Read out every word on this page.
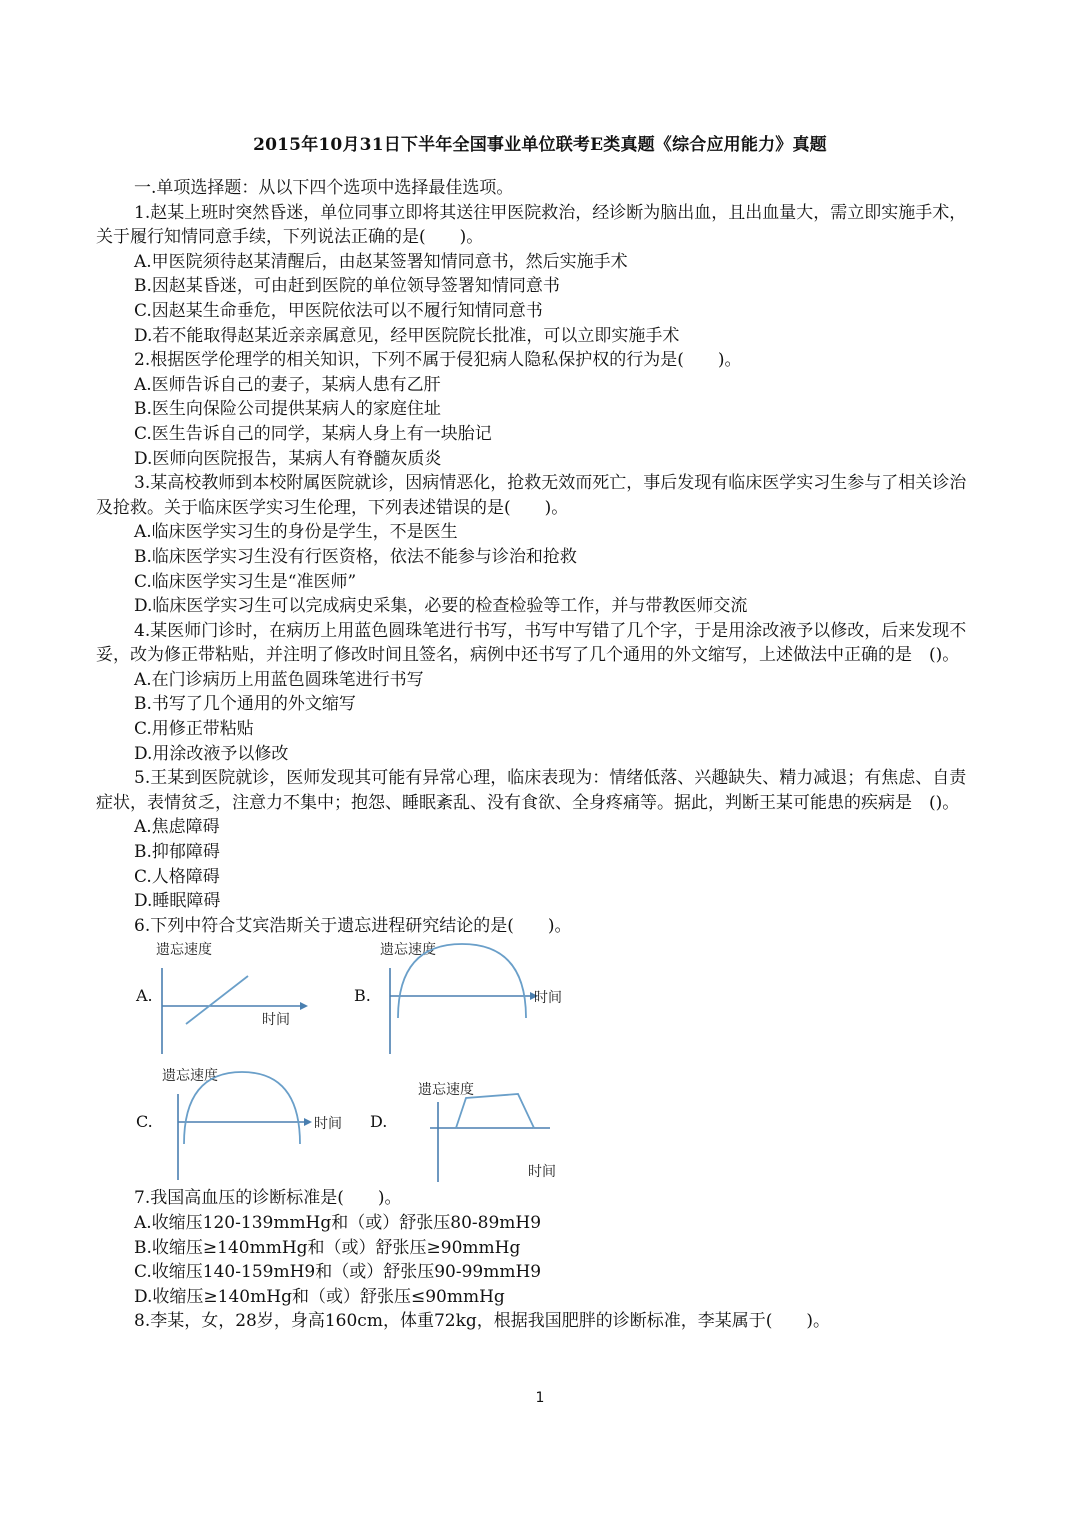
2015年10月31日下半年全国事业单位联考E类真题《综合应用能力》真题

一.单项选择题：从以下四个选项中选择最佳选项。

1.赵某上班时突然昏迷，单位同事立即将其送往甲医院救治，经诊断为脑出血，且出血量大，需立即实施手术，关于履行知情同意手续，下列说法正确的是(　　)。

A.甲医院须待赵某清醒后，由赵某签署知情同意书，然后实施手术

B.因赵某昏迷，可由赶到医院的单位领导签署知情同意书

C.因赵某生命垂危，甲医院依法可以不履行知情同意书

D.若不能取得赵某近亲亲属意见，经甲医院院长批准，可以立即实施手术

2.根据医学伦理学的相关知识，下列不属于侵犯病人隐私保护权的行为是(　　)。

A.医师告诉自己的妻子，某病人患有乙肝

B.医生向保险公司提供某病人的家庭住址

C.医生告诉自己的同学，某病人身上有一块胎记

D.医师向医院报告，某病人有脊髓灰质炎

3.某高校教师到本校附属医院就诊，因病情恶化，抢救无效而死亡，事后发现有临床医学实习生参与了相关诊治及抢救。关于临床医学实习生伦理，下列表述错误的是(　　)。

A.临床医学实习生的身份是学生，不是医生

B.临床医学实习生没有行医资格，依法不能参与诊治和抢救

C.临床医学实习生是“准医师”

D.临床医学实习生可以完成病史采集，必要的检查检验等工作，并与带教医师交流

4.某医师门诊时，在病历上用蓝色圆珠笔进行书写，书写中写错了几个字，于是用涂改液予以修改，后来发现不妥，改为修正带粘贴，并注明了修改时间且签名，病例中还书写了几个通用的外文缩写，上述做法中正确的是　()。

A.在门诊病历上用蓝色圆珠笔进行书写

B.书写了几个通用的外文缩写

C.用修正带粘贴

D.用涂改液予以修改

5.王某到医院就诊，医师发现其可能有异常心理，临床表现为：情绪低落、兴趣缺失、精力减退；有焦虑、自责症状，表情贫乏，注意力不集中；抱怨、睡眠紊乱、没有食欲、全身疼痛等。据此，判断王某可能患的疾病是　()。

A.焦虑障碍

B.抑郁障碍

C.人格障碍

D.睡眠障碍

6.下列中符合艾宾浩斯关于遗忘进程研究结论的是(　　)。

A.
遗忘速度
时间
B.
遗忘速度
时间
C.
遗忘速度
时间 D.
遗忘速度
时间

7.我国高血压的诊断标准是(　　)。

A.收缩压120-139mmHg和（或）舒张压80-89mH9

B.收缩压≥140mmHg和（或）舒张压≥90mmHg

C.收缩压140-159mH9和（或）舒张压90-99mmH9

D.收缩压≥140mHg和（或）舒张压≤90mmHg

8.李某，女，28岁，身高160cm，体重72kg，根据我国肥胖的诊断标准，李某属于(　　)。

1
